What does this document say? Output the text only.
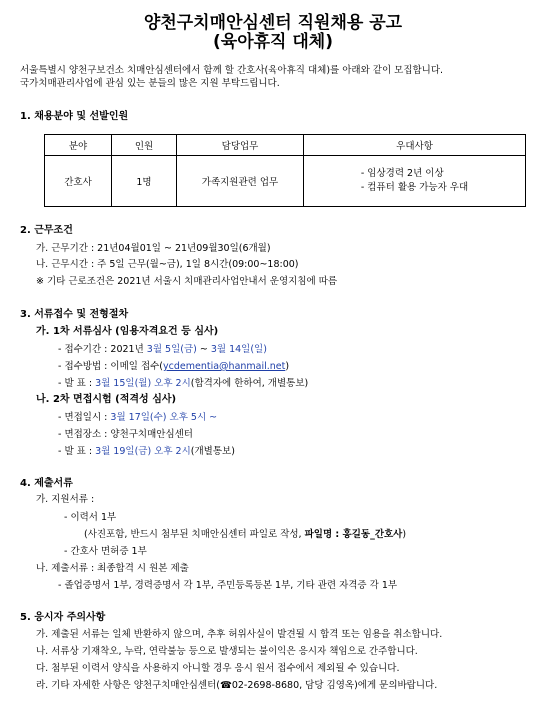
양천구치매안심센터 직원채용 공고
(육아휴직 대체)
서울특별시 양천구보건소 치매안심센터에서 함께 할 간호사(육아휴직 대체)를 아래와 같이 모집합니다.
국가치매관리사업에 관심 있는 분들의 많은 지원 부탁드립니다.
1. 채용분야 및 선발인원
분야	인원	담당업무	우대사항
간호사	1명	가족지원관련 업무	- 임상경력 2년 이상
- 컴퓨터 활용 가능자 우대
2. 근무조건
가. 근무기간 : 21년04월01일 ~ 21년09월30일(6개월)
나. 근무시간 : 주 5일 근무(월~금), 1일 8시간(09:00~18:00)
※ 기타 근로조건은 2021년 서울시 치매관리사업안내서 운영지침에 따름
3. 서류접수 및 전형절차
가. 1차 서류심사 (임용자격요건 등 심사)
- 접수기간 : 2021년 3월 5일(금) ~ 3월 14일(일)
- 접수방법 : 이메일 접수(ycdementia@hanmail.net)
- 발 표 : 3월 15일(월) 오후 2시(합격자에 한하여, 개별통보)
나. 2차 면접시험 (적격성 심사)
- 면접일시 : 3월 17일(수) 오후 5시 ~
- 면접장소 : 양천구치매안심센터
- 발 표 : 3월 19일(금) 오후 2시(개별통보)
4. 제출서류
가. 지원서류 :
- 이력서 1부
(사진포함, 반드시 첨부된 치매안심센터 파일로 작성, 파일명 : 홍길동_간호사)
- 간호사 면허증 1부
나. 제출서류 : 최종합격 시 원본 제출
- 졸업증명서 1부, 경력증명서 각 1부, 주민등록등본 1부, 기타 관련 자격증 각 1부
5. 응시자 주의사항
가. 제출된 서류는 일체 반환하지 않으며, 추후 허위사실이 발견될 시 합격 또는 임용을 취소합니다.
나. 서류상 기재착오, 누락, 연락불능 등으로 발생되는 불이익은 응시자 책임으로 간주합니다.
다. 첨부된 이력서 양식을 사용하지 아니할 경우 응시 원서 접수에서 제외될 수 있습니다.
라. 기타 자세한 사항은 양천구치매안심센터(☎02-2698-8680, 담당 김영옥)에게 문의바랍니다.
